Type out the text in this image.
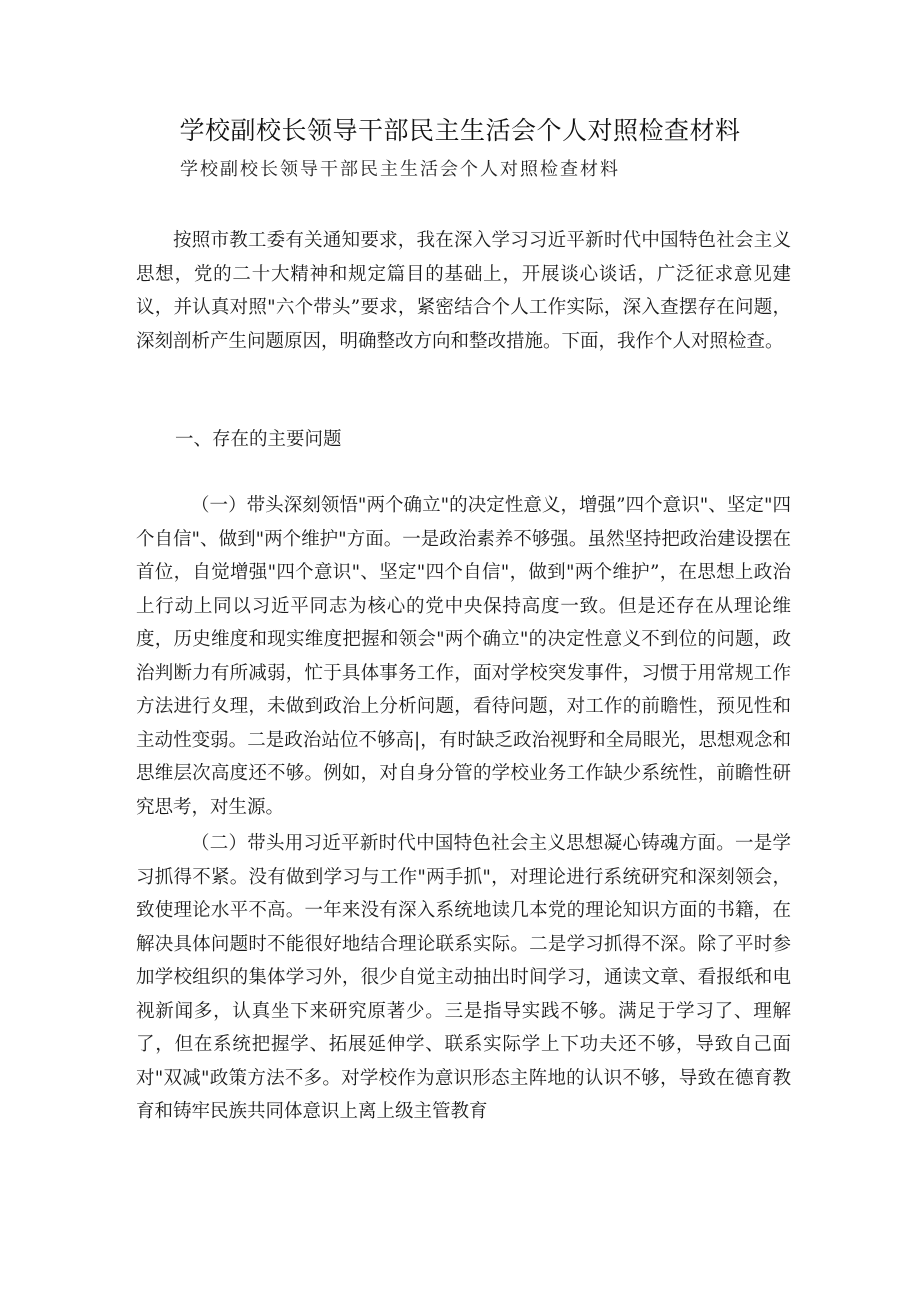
学校副校长领导干部民主生活会个人对照检查材料
学校副校长领导干部民主生活会个人对照检查材料

按照市教工委有关通知要求，我在深入学习习近平新时代中国特色社会主义思想，党的二十大精神和规定篇目的基础上，开展谈心谈话，广泛征求意见建议，并认真对照"六个带头”要求，紧密结合个人工作实际，深入查摆存在问题，深刻剖析产生问题原因，明确整改方向和整改措施。下面，我作个人对照检查。

一、存在的主要问题

（一）带头深刻领悟"两个确立"的决定性意义，增强”四个意识"、坚定"四个自信"、做到"两个维护"方面。一是政治素养不够强。虽然坚持把政治建设摆在首位，自觉增强"四个意识"、坚定"四个自信"，做到"两个维护”，在思想上政治上行动上同以习近平同志为核心的党中央保持高度一致。但是还存在从理论维度，历史维度和现实维度把握和领会"两个确立"的决定性意义不到位的问题，政治判断力有所减弱，忙于具体事务工作，面对学校突发事件，习惯于用常规工作方法进行夊理，未做到政治上分析问题，看待问题，对工作的前瞻性，预见性和主动性变弱。二是政治站位不够高|，有时缺乏政治视野和全局眼光，思想观念和思维层次高度还不够。例如，对自身分管的学校业务工作缺少系统性，前瞻性研究思考，对生源。

（二）带头用习近平新时代中国特色社会主义思想凝心铸魂方面。一是学习抓得不紧。没有做到学习与工作"两手抓"，对理论进行系统研究和深刻领会，致使理论水平不高。一年来没有深入系统地读几本党的理论知识方面的书籍，在解决具体问题时不能很好地结合理论联系实际。二是学习抓得不深。除了平时参加学校组织的集体学习外，很少自觉主动抽出时间学习，通读文章、看报纸和电视新闻多，认真坐下来研究原著少。三是指导实践不够。满足于学习了、理解了，但在系统把握学、拓展延伸学、联系实际学上下功夫还不够，导致自己面对"双减"政策方法不多。对学校作为意识形态主阵地的认识不够，导致在德育教育和铸牢民族共同体意识上离上级主管教育
